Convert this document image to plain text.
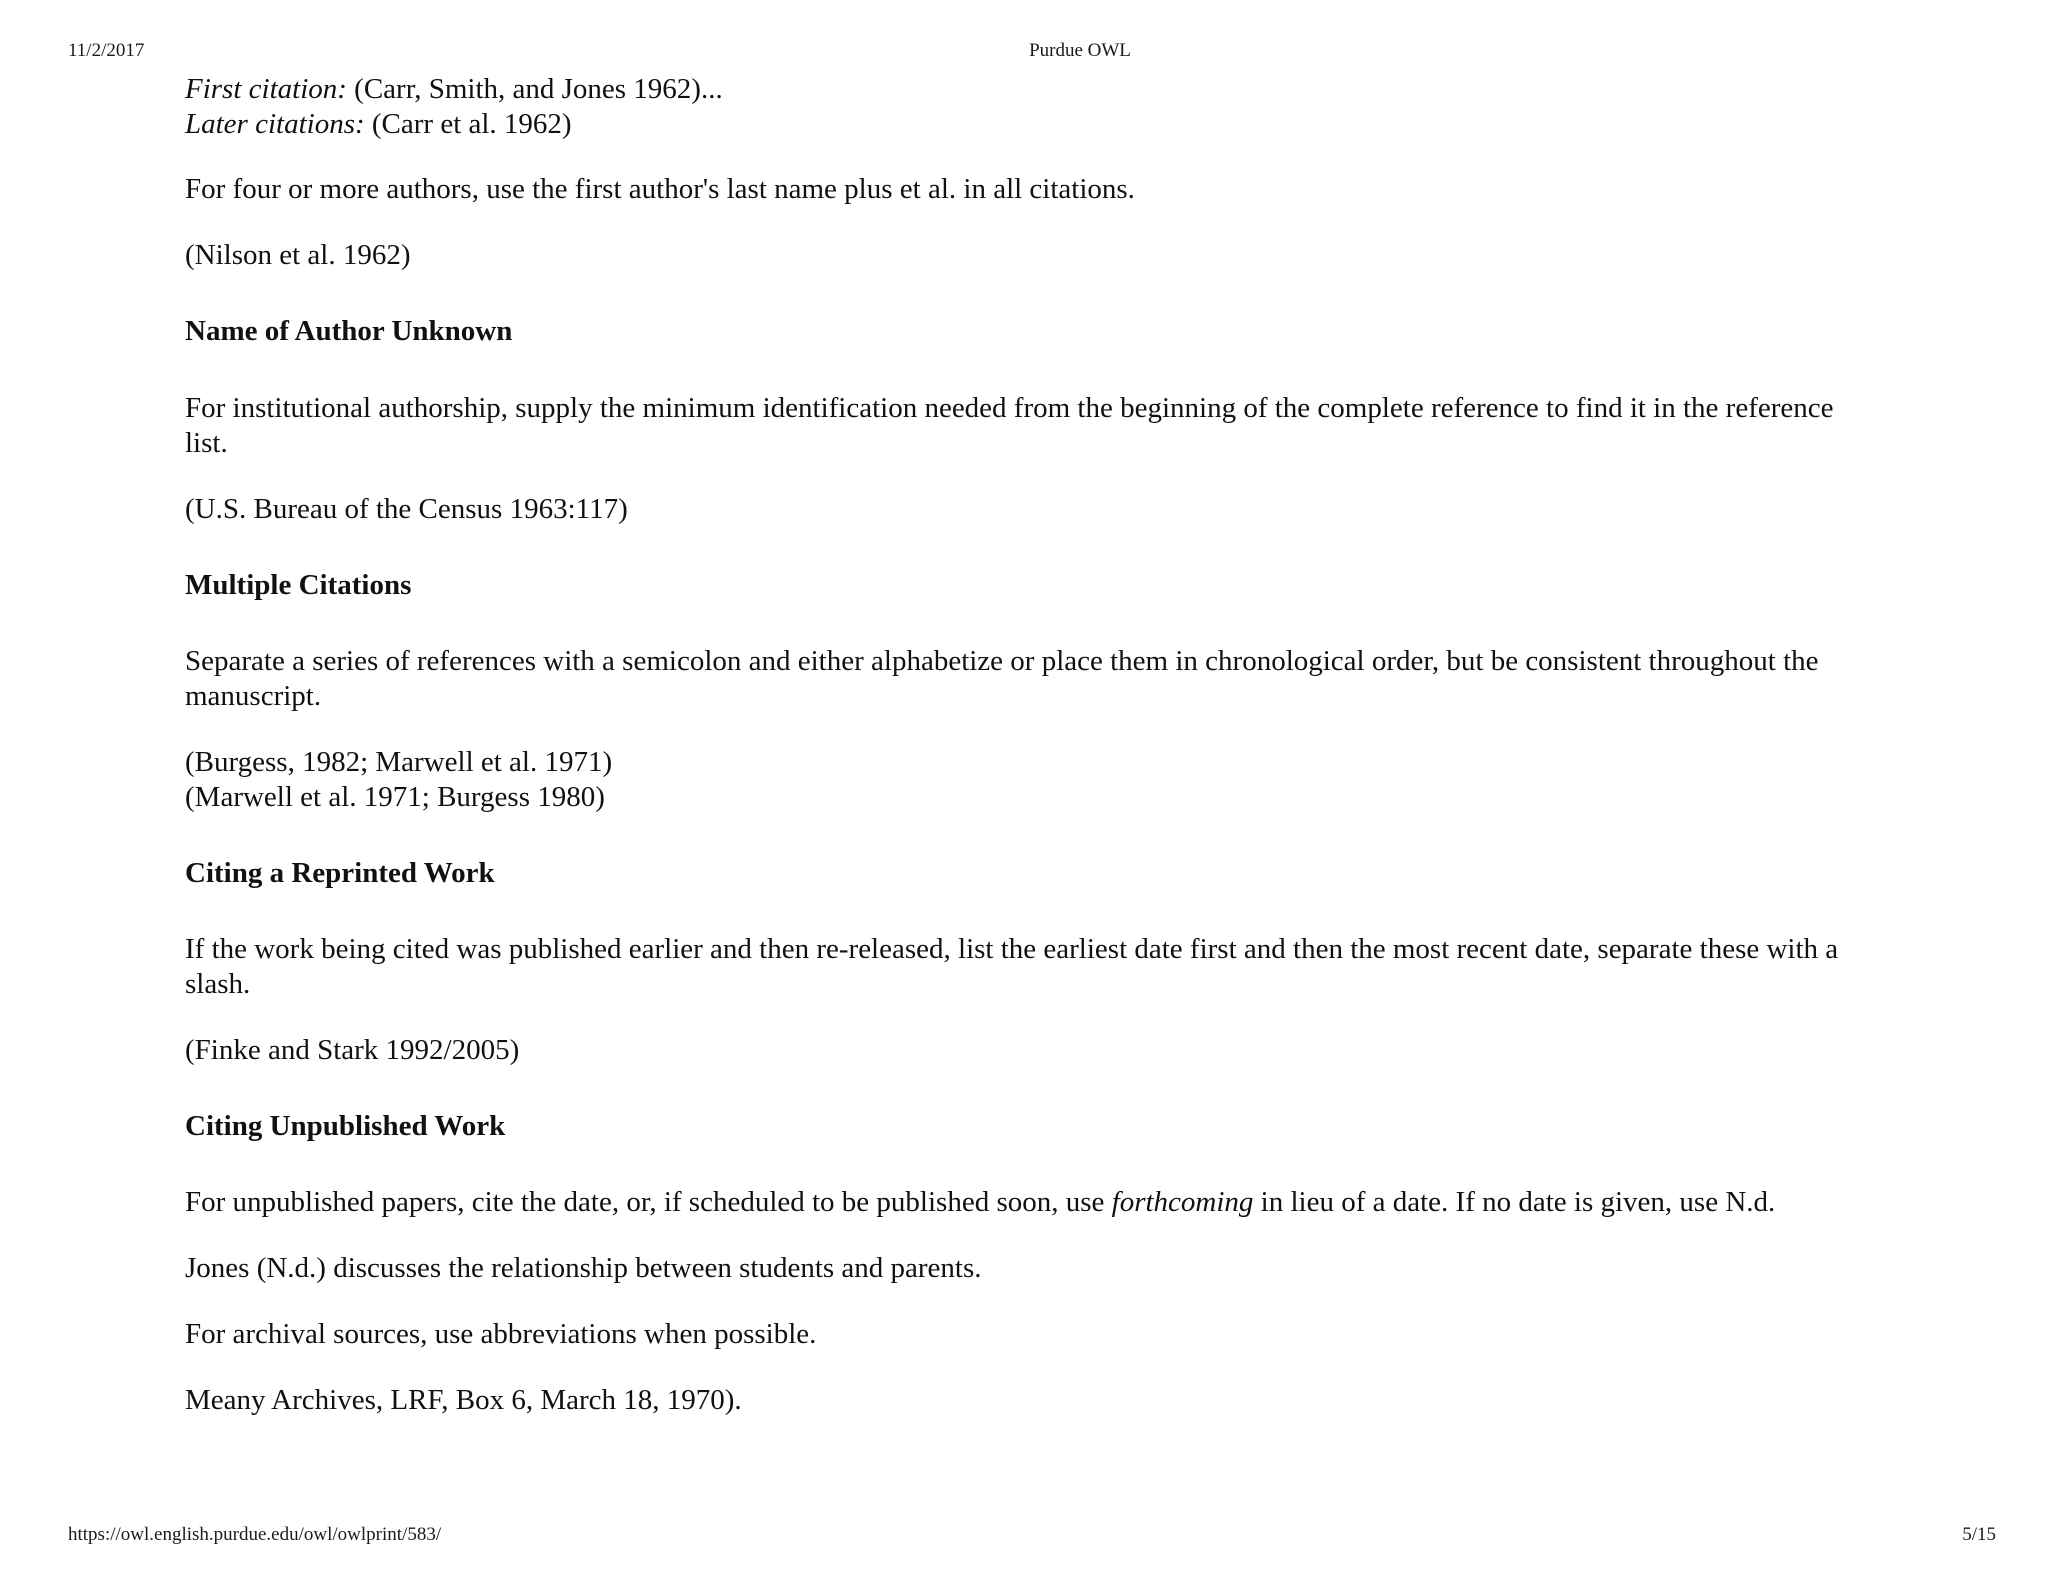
11/2/2017	Purdue OWL

First citation: (Carr, Smith, and Jones 1962)...

Later citations: (Carr et al. 1962)

For four or more authors, use the first author's last name plus et al. in all citations.

(Nilson et al. 1962)

Name of Author Unknown

For institutional authorship, supply the minimum identification needed from the beginning of the complete reference to find it in the reference list.

(U.S. Bureau of the Census 1963:117)

Multiple Citations

Separate a series of references with a semicolon and either alphabetize or place them in chronological order, but be consistent throughout the manuscript.

(Burgess, 1982; Marwell et al. 1971)

(Marwell et al. 1971; Burgess 1980)

Citing a Reprinted Work

If the work being cited was published earlier and then re-released, list the earliest date first and then the most recent date, separate these with a slash.

(Finke and Stark 1992/2005)

Citing Unpublished Work

For unpublished papers, cite the date, or, if scheduled to be published soon, use forthcoming in lieu of a date. If no date is given, use N.d.

Jones (N.d.) discusses the relationship between students and parents.

For archival sources, use abbreviations when possible.

Meany Archives, LRF, Box 6, March 18, 1970).

https://owl.english.purdue.edu/owl/owlprint/583/	5/15
